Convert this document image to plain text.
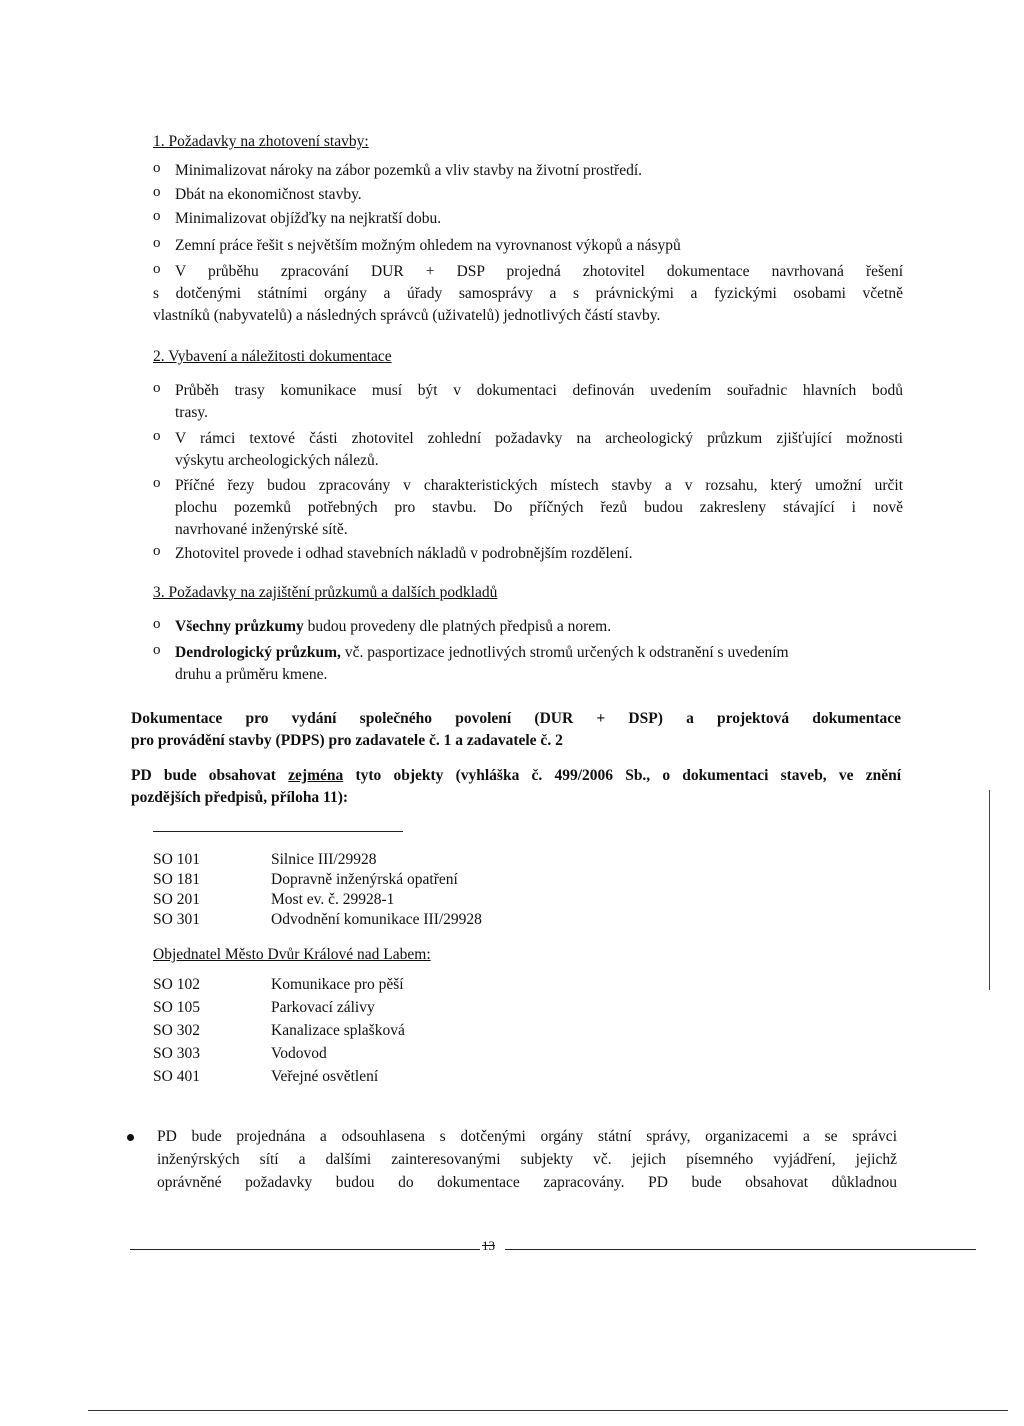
1. Požadavky na zhotovení stavby:
o Minimalizovat nároky na zábor pozemků a vliv stavby na životní prostředí.
o Dbát na ekonomičnost stavby.
o Minimalizovat objížďky na nejkratší dobu.
o Zemní práce řešit s největším možným ohledem na vyrovnanost výkopů a násypů
o V průběhu zpracování DUR + DSP projedná zhotovitel dokumentace navrhovaná řešení
s dotčenými státními orgány a úřady samosprávy a s právnickými a fyzickými osobami včetně
vlastníků (nabyvatelů) a následných správců (uživatelů) jednotlivých částí stavby.
2. Vybavení a náležitosti dokumentace
o Průběh trasy komunikace musí být v dokumentaci definován uvedením souřadnic hlavních bodů
trasy.
o V rámci textové části zhotovitel zohlední požadavky na archeologický průzkum zjišťující možnosti
výskytu archeologických nálezů.
o Příčné řezy budou zpracovány v charakteristických místech stavby a v rozsahu, který umožní určit
plochu pozemků potřebných pro stavbu. Do příčných řezů budou zakresleny stávající i nově
navrhované inženýrské sítě.
o Zhotovitel provede i odhad stavebních nákladů v podrobnějším rozdělení.
3. Požadavky na zajištění průzkumů a dalších podkladů
o Všechny průzkumy budou provedeny dle platných předpisů a norem.
o Dendrologický průzkum, vč. pasportizace jednotlivých stromů určených k odstranění s uvedením
druhu a průměru kmene.
Dokumentace pro vydání společného povolení (DUR + DSP) a projektová dokumentace
pro provádění stavby (PDPS) pro zadavatele č. 1 a zadavatele č. 2
PD bude obsahovat zejména tyto objekty (vyhláška č. 499/2006 Sb., o dokumentaci staveb, ve znění
pozdějších předpisů, příloha 11):
SO 101	Silnice III/29928
SO 181	Dopravně inženýrská opatření
SO 201	Most ev. č. 29928-1
SO 301	Odvodnění komunikace III/29928
Objednatel Město Dvůr Králové nad Labem:
SO 102	Komunikace pro pěší
SO 105	Parkovací zálivy
SO 302	Kanalizace splašková
SO 303	Vodovod
SO 401	Veřejné osvětlení
PD bude projednána a odsouhlasena s dotčenými orgány státní správy, organizacemi a se správci
inženýrských sítí a dalšími zainteresovanými subjekty vč. jejich písemného vyjádření, jejichž
oprávněné požadavky budou do dokumentace zapracovány. PD bude obsahovat důkladnou
13
